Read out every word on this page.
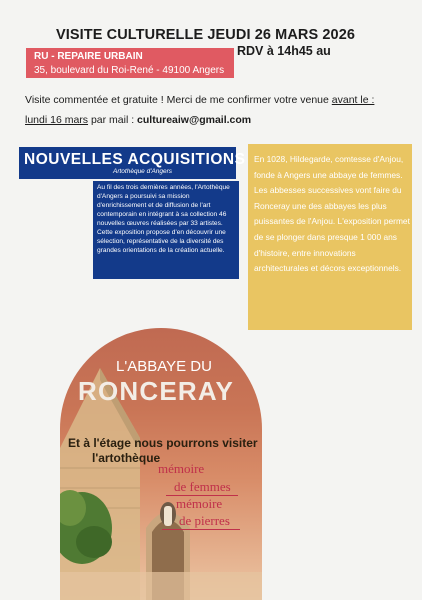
VISITE CULTURELLE JEUDI 26 MARS 2026
RDV à 14h45 au
RU - REPAIRE URBAIN
35, boulevard du Roi-René - 49100 Angers
Visite commentée et gratuite ! Merci de me confirmer votre venue avant le :
lundi 16 mars par mail : cultureaiw@gmail.com
NOUVELLES ACQUISITIONS
Artothèque d'Angers
Au fil des trois dernières années, l'Artothèque d'Angers a poursuivi sa mission d'enrichissement et de diffusion de l'art contemporain en intégrant à sa collection 46 nouvelles œuvres réalisées par 33 artistes. Cette exposition propose d'en découvrir une sélection, représentative de la diversité des grandes orientations de la création actuelle.
En 1028, Hildegarde, comtesse d'Anjou, fonde à Angers une abbaye de femmes. Les abbesses successives vont faire du Ronceray une des abbayes les plus puissantes de l'Anjou. L'exposition permet de se plonger dans presque 1 000 ans d'histoire, entre innovations architecturales et décors exceptionnels.
L'ABBAYE DU
RONCERAY
Et à l'étage nous pourrons visiter
l'artothèque
mémoire
de femmes
mémoire
de pierres
